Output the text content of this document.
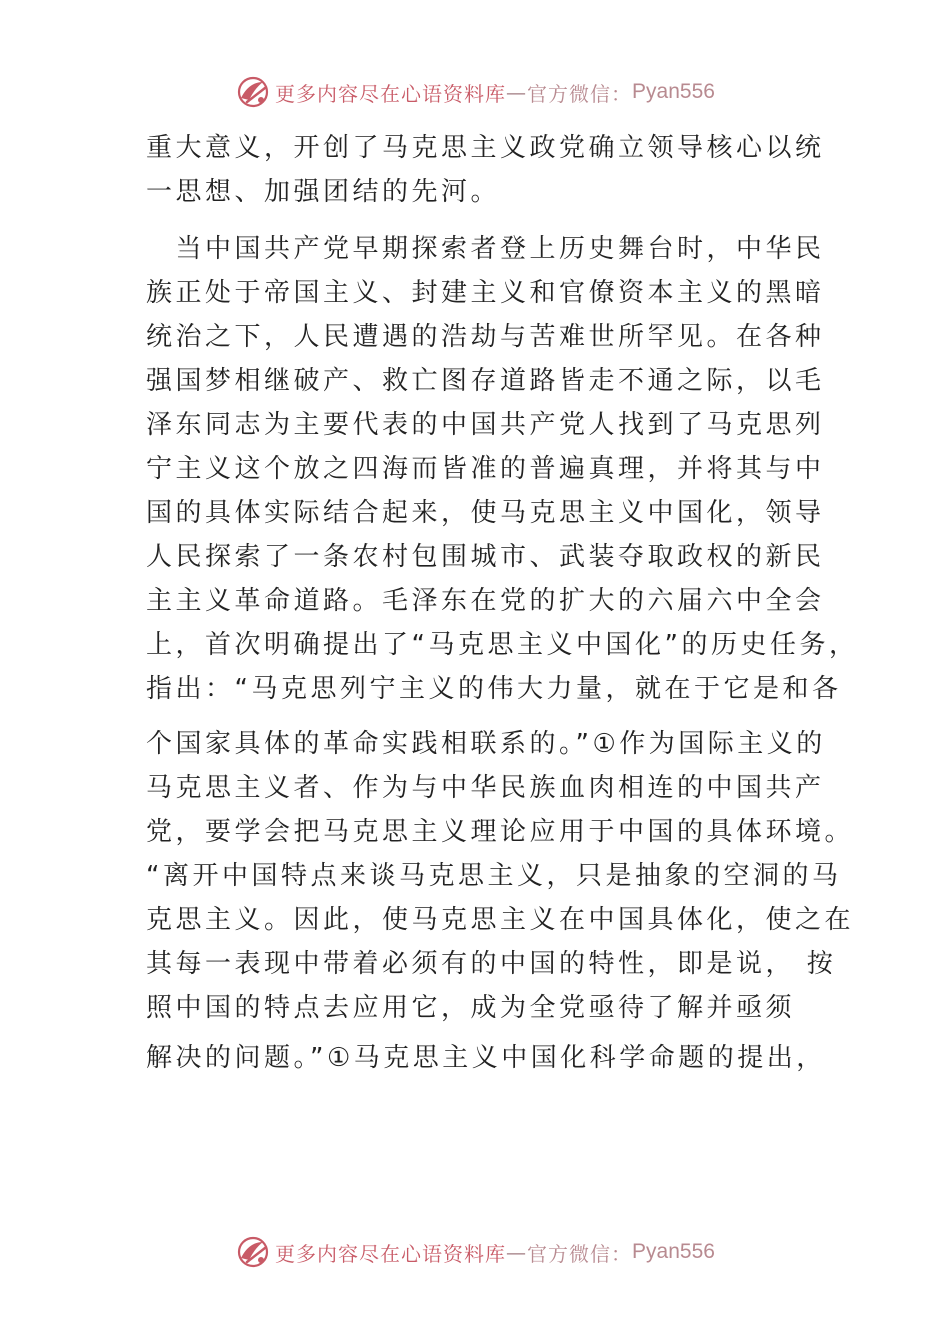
更多内容尽在心语资料库 — 官方微信： Pyan556
重大意义，开创了马克思主义政党确立领导核心以统
一思想、加强团结的先河。
　当中国共产党早期探索者登上历史舞台时，中华民
族正处于帝国主义、封建主义和官僚资本主义的黑暗
统治之下，人民遭遇的浩劫与苦难世所罕见。在各种
强国梦相继破产、救亡图存道路皆走不通之际，以毛
泽东同志为主要代表的中国共产党人找到了马克思列
宁主义这个放之四海而皆准的普遍真理，并将其与中
国的具体实际结合起来，使马克思主义中国化，领导
人民探索了一条农村包围城市、武装夺取政权的新民
主主义革命道路。毛泽东在党的扩大的六届六中全会
上，首次明确提出了“马克思主义中国化”的历史任务，
指出：“马克思列宁主义的伟大力量，就在于它是和各
个国家具体的革命实践相联系的。”①作为国际主义的
马克思主义者、作为与中华民族血肉相连的中国共产
党，要学会把马克思主义理论应用于中国的具体环境。
“离开中国特点来谈马克思主义，只是抽象的空洞的马
克思主义。因此，使马克思主义在中国具体化，使之在
其每一表现中带着必须有的中国的特性，即是说， 按
照中国的特点去应用它，成为全党亟待了解并亟须
解决的问题。”①马克思主义中国化科学命题的提出，
更多内容尽在心语资料库 — 官方微信： Pyan556
